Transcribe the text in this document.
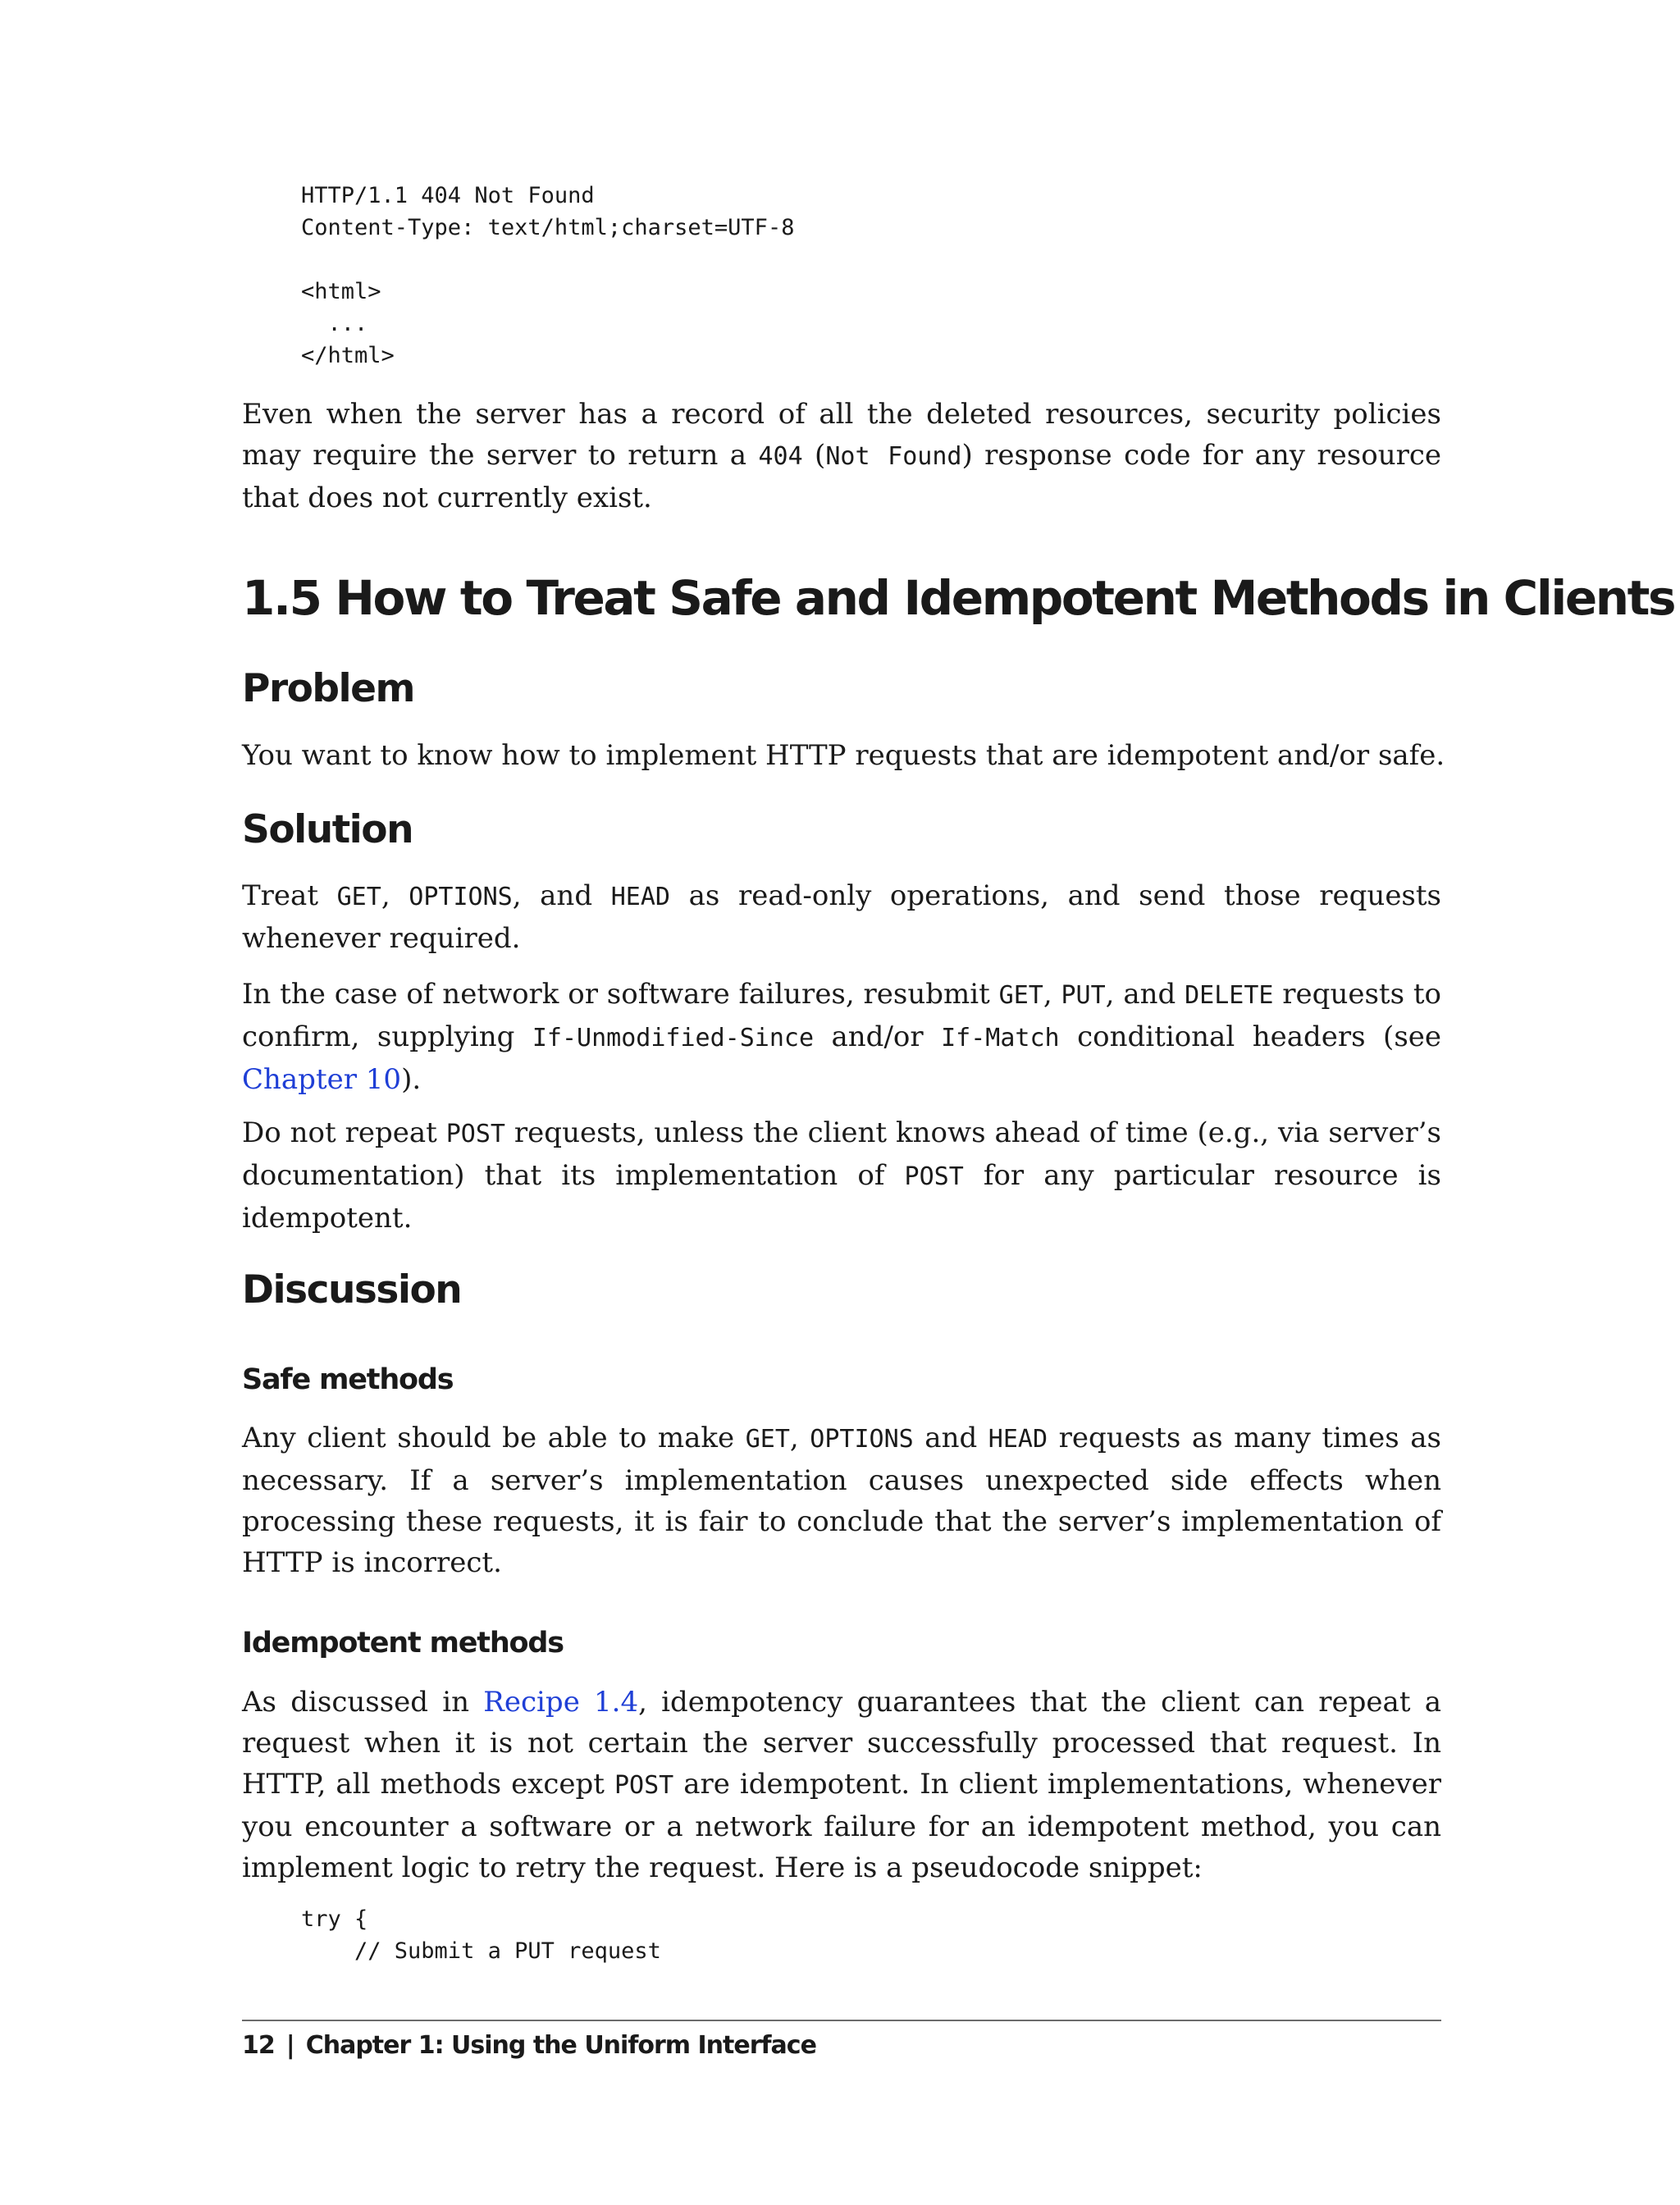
HTTP/1.1 404 Not Found
Content-Type: text/html;charset=UTF-8

<html>
...
</html>

Even when the server has a record of all the deleted resources, security policies may require the server to return a 404 (Not Found) response code for any resource that does not currently exist.

1.5 How to Treat Safe and Idempotent Methods in Clients
Problem

You want to know how to implement HTTP requests that are idempotent and/or safe.

Solution

Treat GET, OPTIONS, and HEAD as read-only operations, and send those requests whenever required.

In the case of network or software failures, resubmit GET, PUT, and DELETE requests to confirm, supplying If-Unmodified-Since and/or If-Match conditional headers (see Chapter 10).

Do not repeat POST requests, unless the client knows ahead of time (e.g., via server’s documentation) that its implementation of POST for any particular resource is idempotent.

Discussion
Safe methods

Any client should be able to make GET, OPTIONS and HEAD requests as many times as necessary. If a server’s implementation causes unexpected side effects when processing these requests, it is fair to conclude that the server’s implementation of HTTP is incorrect.

Idempotent methods

As discussed in Recipe 1.4, idempotency guarantees that the client can repeat a request when it is not certain the server successfully processed that request. In HTTP, all methods except POST are idempotent. In client implementations, whenever you encounter a software or a network failure for an idempotent method, you can implement logic to retry the request. Here is a pseudocode snippet:

try {
// Submit a PUT request
12 | Chapter 1: Using the Uniform Interface
